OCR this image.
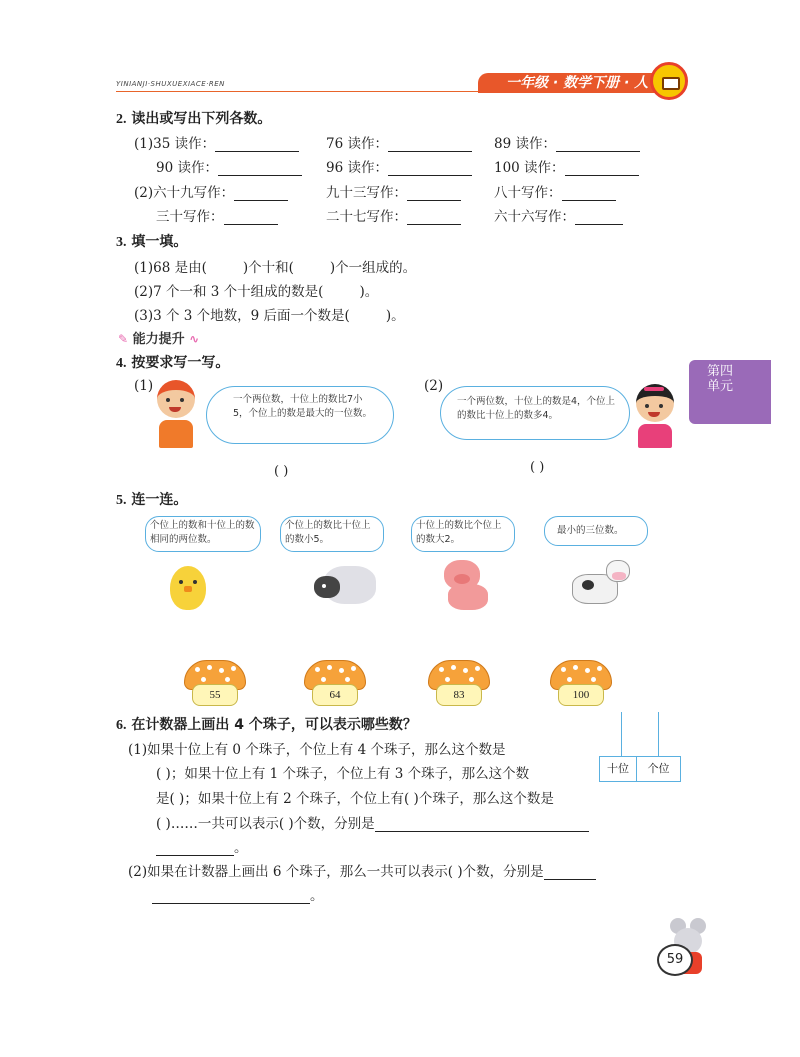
YINIANJI·SHUXUEXIACE·REN	一年级 · 数学下册 · 人
第四单元
2. 读出或写出下列各数。
(1)35 读作：	76 读作：	89 读作：
90 读作：	96 读作：	100 读作：
(2)六十九写作：	九十三写作：	八十写作：
三十写作：	二十七写作：	六十六写作：
3. 填一填。
(1)68 是由(	)个十和(	)个一组成的。
(2)7 个一和 3 个十组成的数是(	)。
(3)3 个 3 个地数，9 后面一个数是(	)。
✎ 能力提升 ∿
4. 按要求写一写。
(1)
一个两位数，十位上的数比7小5，个位上的数是最大的一位数。
( )
(2)
一个两位数，十位上的数是4，个位上的数比十位上的数多4。
( )
5. 连一连。
个位上的数和十位上的数相同的两位数。
个位上的数比十位上的数小5。
十位上的数比个位上的数大2。
最小的三位数。
55	64	83	100
6. 在计数器上画出 4 个珠子，可以表示哪些数？
十位	个位
(1)如果十位上有 0 个珠子，个位上有 4 个珠子，那么这个数是
( )；如果十位上有 1 个珠子，个位上有 3 个珠子，那么这个数
是( )；如果十位上有 2 个珠子，个位上有( )个珠子，那么这个数是
( )……一共可以表示( )个数，分别是
。
(2)如果在计数器上画出 6 个珠子，那么一共可以表示( )个数，分别是
。
59
